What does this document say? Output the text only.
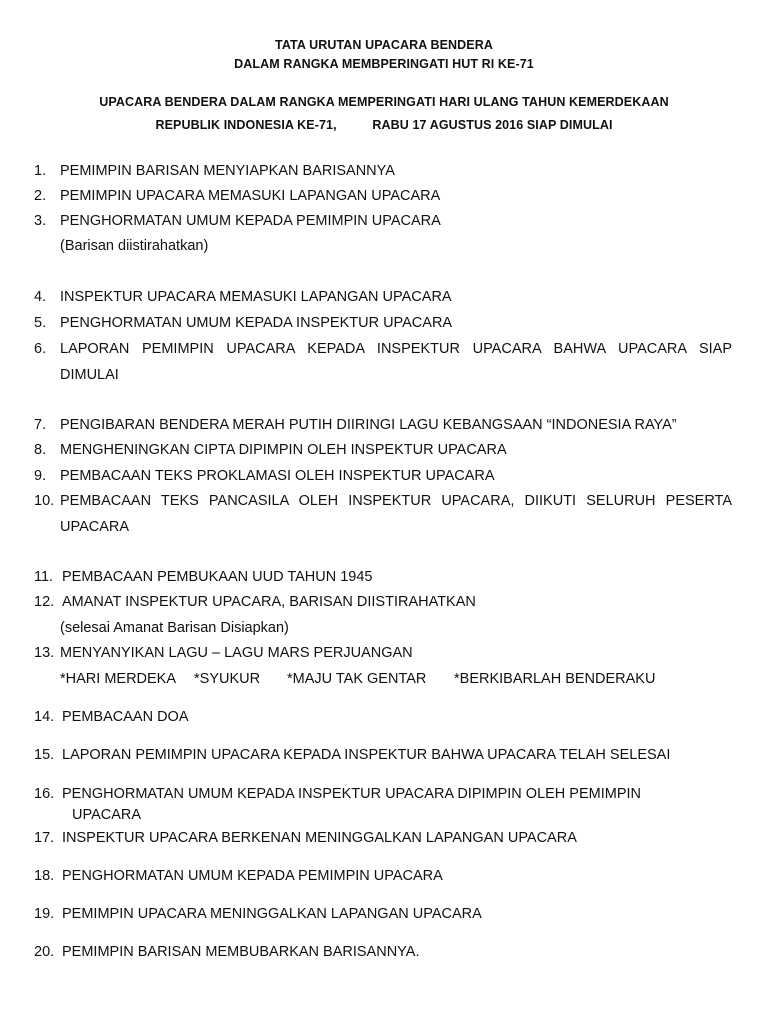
TATA URUTAN UPACARA BENDERA
DALAM RANGKA MEMBPERINGATI HUT RI KE-71
UPACARA BENDERA DALAM RANGKA MEMPERINGATI HARI ULANG TAHUN KEMERDEKAAN
REPUBLIK INDONESIA KE-71,          RABU 17 AGUSTUS 2016 SIAP DIMULAI
1. PEMIMPIN BARISAN MENYIAPKAN BARISANNYA
2. PEMIMPIN UPACARA MEMASUKI LAPANGAN UPACARA
3. PENGHORMATAN UMUM KEPADA PEMIMPIN UPACARA
(Barisan diistirahatkan)
4. INSPEKTUR UPACARA MEMASUKI LAPANGAN UPACARA
5. PENGHORMATAN UMUM KEPADA INSPEKTUR UPACARA
6. LAPORAN PEMIMPIN UPACARA KEPADA INSPEKTUR UPACARA BAHWA UPACARA SIAP
DIMULAI
7. PENGIBARAN BENDERA MERAH PUTIH DIIRINGI LAGU KEBANGSAAN “INDONESIA RAYA”
8. MENGHENINGKAN CIPTA DIPIMPIN OLEH INSPEKTUR UPACARA
9. PEMBACAAN TEKS PROKLAMASI OLEH INSPEKTUR UPACARA
10. PEMBACAAN TEKS PANCASILA OLEH INSPEKTUR UPACARA, DIIKUTI SELURUH PESERTA
UPACARA
11. PEMBACAAN PEMBUKAAN UUD TAHUN 1945
12. AMANAT INSPEKTUR UPACARA, BARISAN DIISTIRAHATKAN
(selesai Amanat Barisan Disiapkan)
13. MENYANYIKAN LAGU – LAGU MARS PERJUANGAN
*HARI MERDEKA *SYUKUR *MAJU TAK GENTAR *BERKIBARLAH BENDERAKU
14. PEMBACAAN DOA
15. LAPORAN PEMIMPIN UPACARA KEPADA INSPEKTUR BAHWA UPACARA TELAH SELESAI
16. PENGHORMATAN UMUM KEPADA INSPEKTUR UPACARA DIPIMPIN OLEH PEMIMPIN
UPACARA
17. INSPEKTUR UPACARA BERKENAN MENINGGALKAN LAPANGAN UPACARA
18. PENGHORMATAN UMUM KEPADA PEMIMPIN UPACARA
19. PEMIMPIN UPACARA MENINGGALKAN LAPANGAN UPACARA
20. PEMIMPIN BARISAN MEMBUBARKAN BARISANNYA.
